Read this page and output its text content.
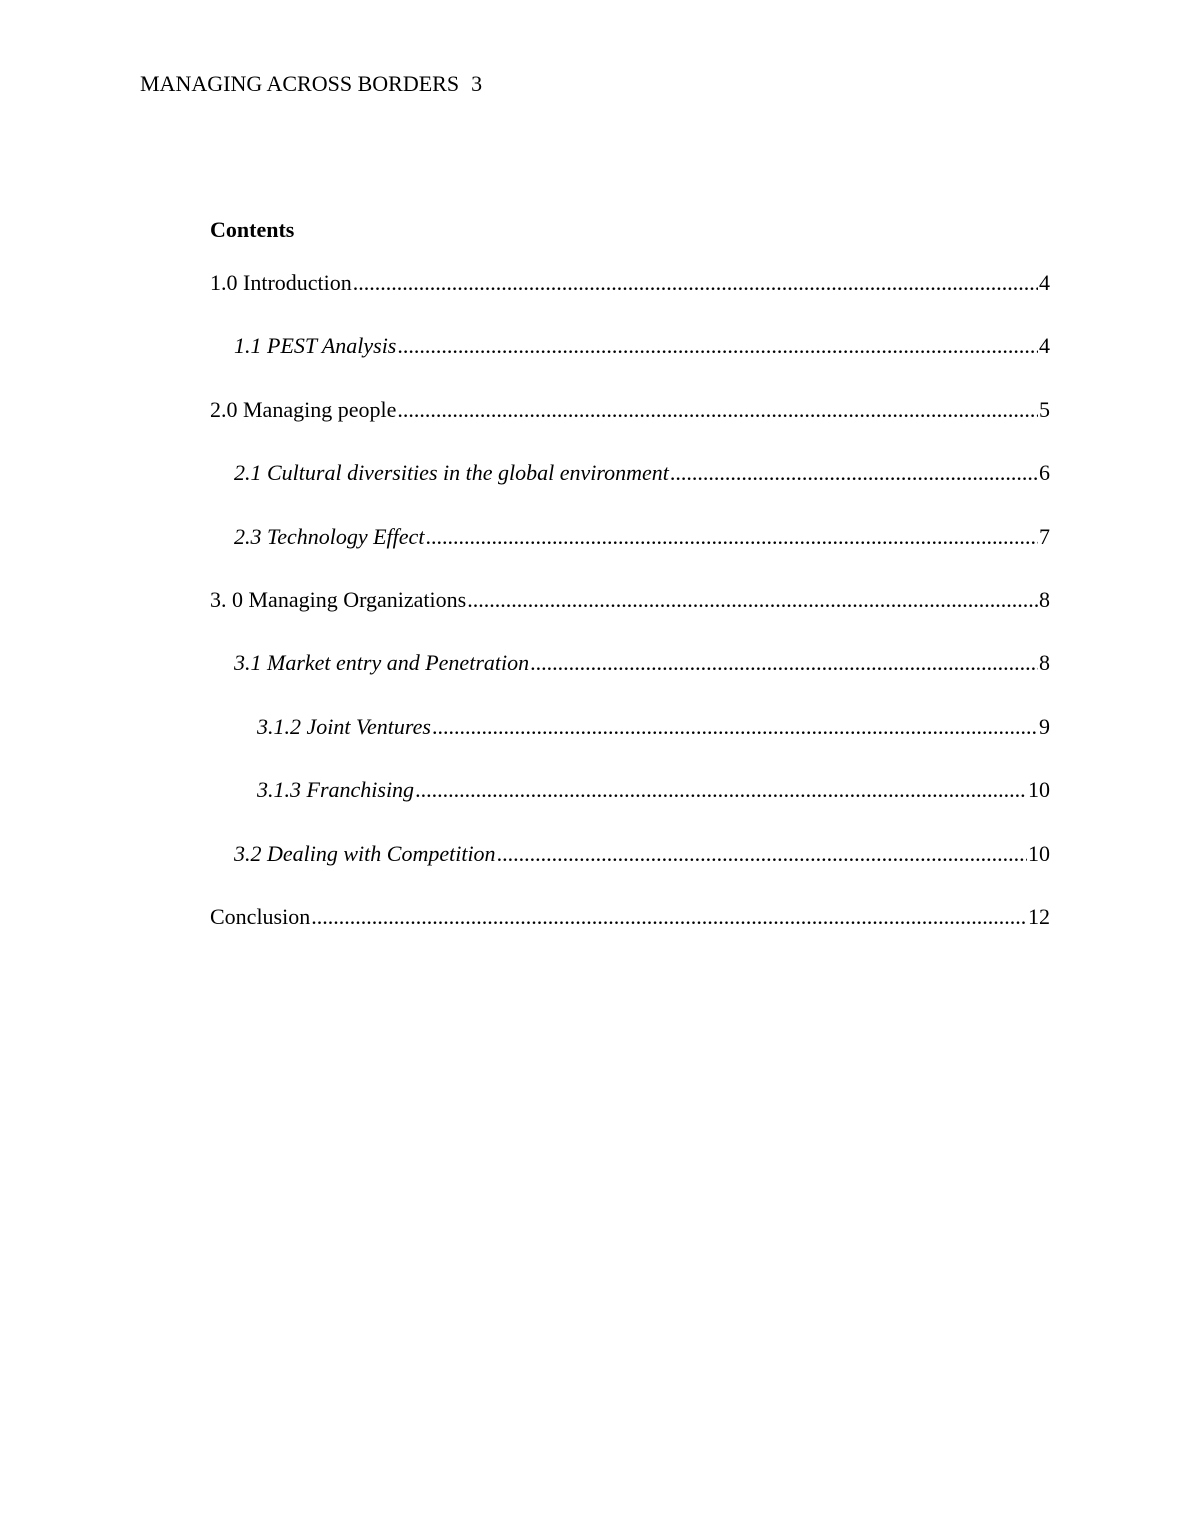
MANAGING ACROSS BORDERS 3
Contents
1.0 Introduction .....	4
1.1 PEST Analysis .....	4
2.0 Managing people .....	5
2.1 Cultural diversities in the global environment .....	6
2.3 Technology Effect .....	7
3. 0 Managing Organizations .....	8
3.1 Market entry and Penetration .....	8
3.1.2 Joint Ventures .....	9
3.1.3 Franchising .....	10
3.2 Dealing with Competition .....	10
Conclusion .....	12
